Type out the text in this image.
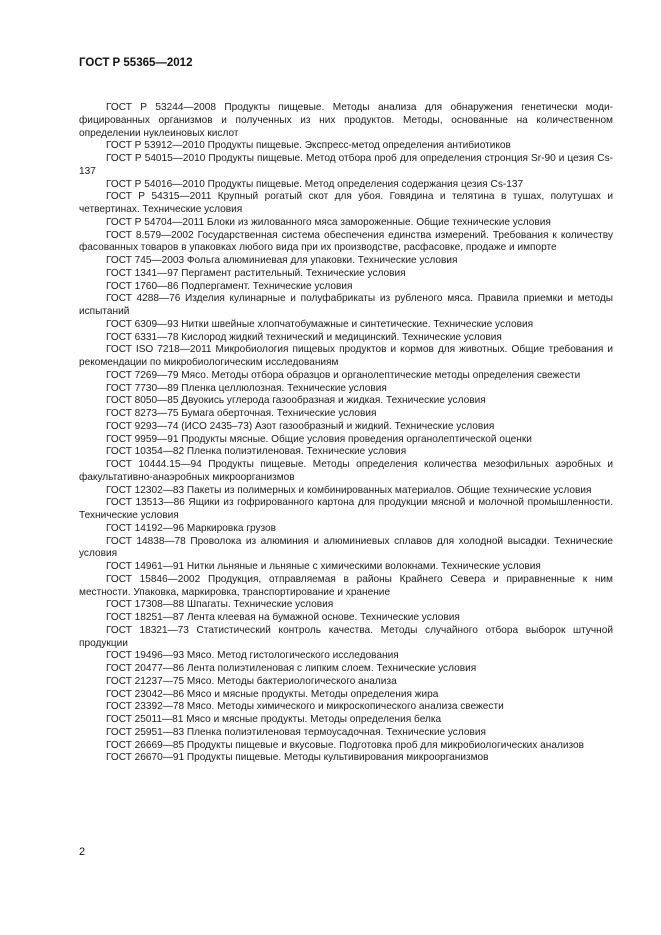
ГОСТ Р 55365—2012

ГОСТ Р 53244—2008 Продукты пищевые. Методы анализа для обнаружения генетически модифицированных организмов и полученных из них продуктов. Методы, основанные на количественном определении нуклеиновых кислот

ГОСТ Р 53912—2010 Продукты пищевые. Экспресс-метод определения антибиотиков

ГОСТ Р 54015—2010 Продукты пищевые. Метод отбора проб для определения стронция Sr-90 и цезия Cs-137

ГОСТ Р 54016—2010 Продукты пищевые. Метод определения содержания цезия Cs-137

ГОСТ Р 54315—2011 Крупный рогатый скот для убоя. Говядина и телятина в тушах, полутушах и четвертинах. Технические условия

ГОСТ Р 54704—2011 Блоки из жилованного мяса замороженные. Общие технические условия

ГОСТ 8.579—2002 Государственная система обеспечения единства измерений. Требования к количеству фасованных товаров в упаковках любого вида при их производстве, расфасовке, продаже и импорте

ГОСТ 745—2003 Фольга алюминиевая для упаковки. Технические условия

ГОСТ 1341—97 Пергамент растительный. Технические условия

ГОСТ 1760—86 Подпергамент. Технические условия

ГОСТ 4288—76 Изделия кулинарные и полуфабрикаты из рубленого мяса. Правила приемки и методы испытаний

ГОСТ 6309—93 Нитки швейные хлопчатобумажные и синтетические. Технические условия

ГОСТ 6331—78 Кислород жидкий технический и медицинский. Технические условия

ГОСТ ISO 7218—2011 Микробиология пищевых продуктов и кормов для животных. Общие требования и рекомендации по микробиологическим исследованиям

ГОСТ 7269—79 Мясо. Методы отбора образцов и органолептические методы определения свежести

ГОСТ 7730—89 Пленка целлюлозная. Технические условия

ГОСТ 8050—85 Двуокись углерода газообразная и жидкая. Технические условия

ГОСТ 8273—75 Бумага оберточная. Технические условия

ГОСТ 9293—74 (ИСО 2435–73) Азот газообразный и жидкий. Технические условия

ГОСТ 9959—91 Продукты мясные. Общие условия проведения органолептической оценки

ГОСТ 10354—82 Пленка полиэтиленовая. Технические условия

ГОСТ 10444.15—94 Продукты пищевые. Методы определения количества мезофильных аэробных и факультативно-анаэробных микроорганизмов

ГОСТ 12302—83 Пакеты из полимерных и комбинированных материалов. Общие технические условия

ГОСТ 13513—86 Ящики из гофрированного картона для продукции мясной и молочной промышленности. Технические условия

ГОСТ 14192—96 Маркировка грузов

ГОСТ 14838—78 Проволока из алюминия и алюминиевых сплавов для холодной высадки. Технические условия

ГОСТ 14961—91 Нитки льняные и льняные с химическими волокнами. Технические условия

ГОСТ 15846—2002 Продукция, отправляемая в районы Крайнего Севера и приравненные к ним местности. Упаковка, маркировка, транспортирование и хранение

ГОСТ 17308—88 Шпагаты. Технические условия

ГОСТ 18251—87 Лента клеевая на бумажной основе. Технические условия

ГОСТ 18321—73 Статистический контроль качества. Методы случайного отбора выборок штучной продукции

ГОСТ 19496—93 Мясо. Метод гистологического исследования

ГОСТ 20477—86 Лента полиэтиленовая с липким слоем. Технические условия

ГОСТ 21237—75 Мясо. Методы бактериологического анализа

ГОСТ 23042—86 Мясо и мясные продукты. Методы определения жира

ГОСТ 23392—78 Мясо. Методы химического и микроскопического анализа свежести

ГОСТ 25011—81 Мясо и мясные продукты. Методы определения белка

ГОСТ 25951—83 Пленка полиэтиленовая термоусадочная. Технические условия

ГОСТ 26669—85 Продукты пищевые и вкусовые. Подготовка проб для микробиологических анализов

ГОСТ 26670—91 Продукты пищевые. Методы культивирования микроорганизмов

2
